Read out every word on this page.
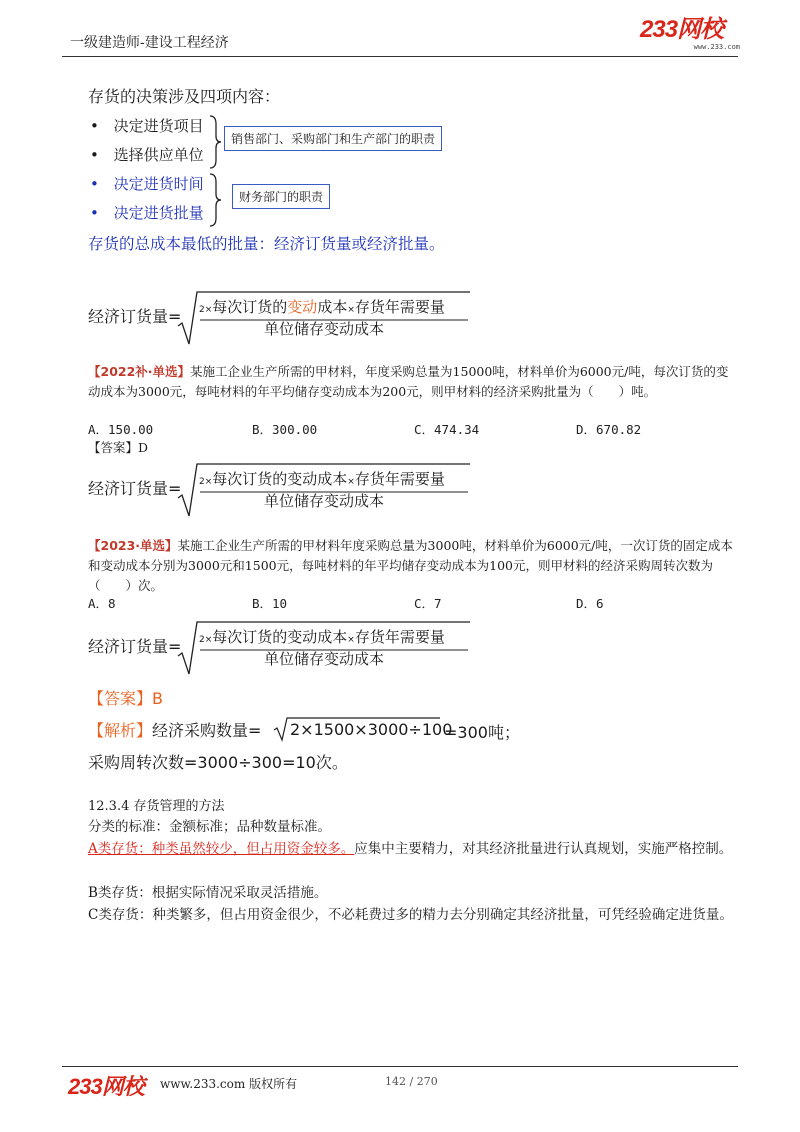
一级建造师-建设工程经济	233网校
www.233.com
存货的决策涉及四项内容：
• 决定进货项目
• 选择供应单位
• 决定进货时间
• 决定进货批量
销售部门、采购部门和生产部门的职责
财务部门的职责
存货的总成本最低的批量：经济订货量或经济批量。
经济订货量= 2×每次订货的变动成本×存货年需要量
单位储存变动成本
【2022补·单选】某施工企业生产所需的甲材料，年度采购总量为15000吨，材料单价为6000元/吨，每次订货的变动成本为3000元，每吨材料的年平均储存变动成本为200元，则甲材料的经济采购批量为（　　）吨。
A．150.00	B．300.00	C．474.34	D．670.82
【答案】D
经济订货量= 2×每次订货的变动成本×存货年需要量
单位储存变动成本
【2023·单选】某施工企业生产所需的甲材料年度采购总量为3000吨，材料单价为6000元/吨，一次订货的固定成本和变动成本分别为3000元和1500元，每吨材料的年平均储存变动成本为100元，则甲材料的经济采购周转次数为（　　）次。
A．8	B．10	C．7	D．6
经济订货量= 2×每次订货的变动成本×存货年需要量
单位储存变动成本
【答案】B
【解析】经济采购数量= 2×1500×3000÷100
=300吨；
采购周转次数=3000÷300=10次。
12.3.4 存货管理的方法
分类的标准：金额标准；品种数量标准。
A类存货：种类虽然较少，但占用资金较多。应集中主要精力，对其经济批量进行认真规划，实施严格控制。
B类存货：根据实际情况采取灵活措施。
C类存货：种类繁多，但占用资金很少，不必耗费过多的精力去分别确定其经济批量，可凭经验确定进货量。
233网校 www.233.com 版权所有	142 / 270
